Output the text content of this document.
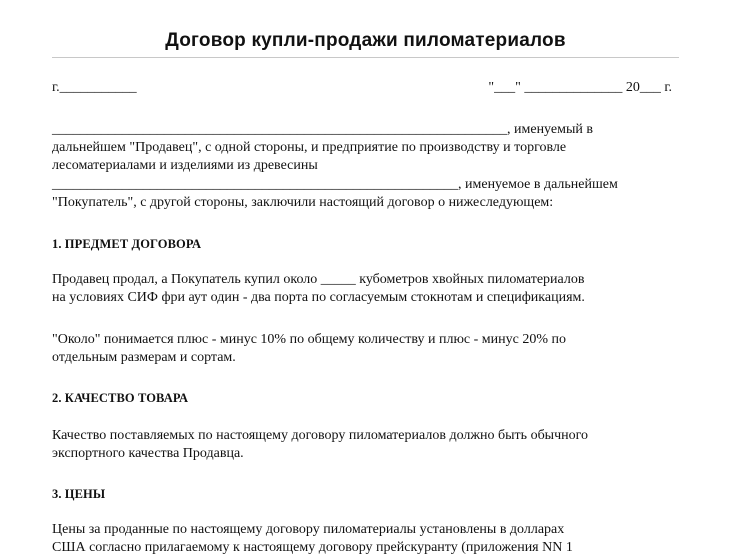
Договор купли-продажи пиломатериалов
г.___________	"___" ______________ 20___ г.
_________________________________________________________________, именуемый в
дальнейшем "Продавец", с одной стороны, и предприятие по производству и торговле
лесоматериалами и изделиями из древесины
__________________________________________________________, именуемое в дальнейшем
"Покупатель", с другой стороны, заключили настоящий договор о нижеследующем:
1. ПРЕДМЕТ ДОГОВОРА
Продавец продал, а Покупатель купил около _____ кубометров хвойных пиломатериалов
на условиях СИФ фри аут один - два порта по согласуемым стокнотам и спецификациям.
"Около" понимается плюс - минус 10% по общему количеству и плюс - минус 20% по
отдельным размерам и сортам.
2. КАЧЕСТВО ТОВАРА
Качество поставляемых по настоящему договору пиломатериалов должно быть обычного
экспортного качества Продавца.
3. ЦЕНЫ
Цены за проданные по настоящему договору пиломатериалы установлены в долларах
США согласно прилагаемому к настоящему договору прейскуранту (приложения NN 1
